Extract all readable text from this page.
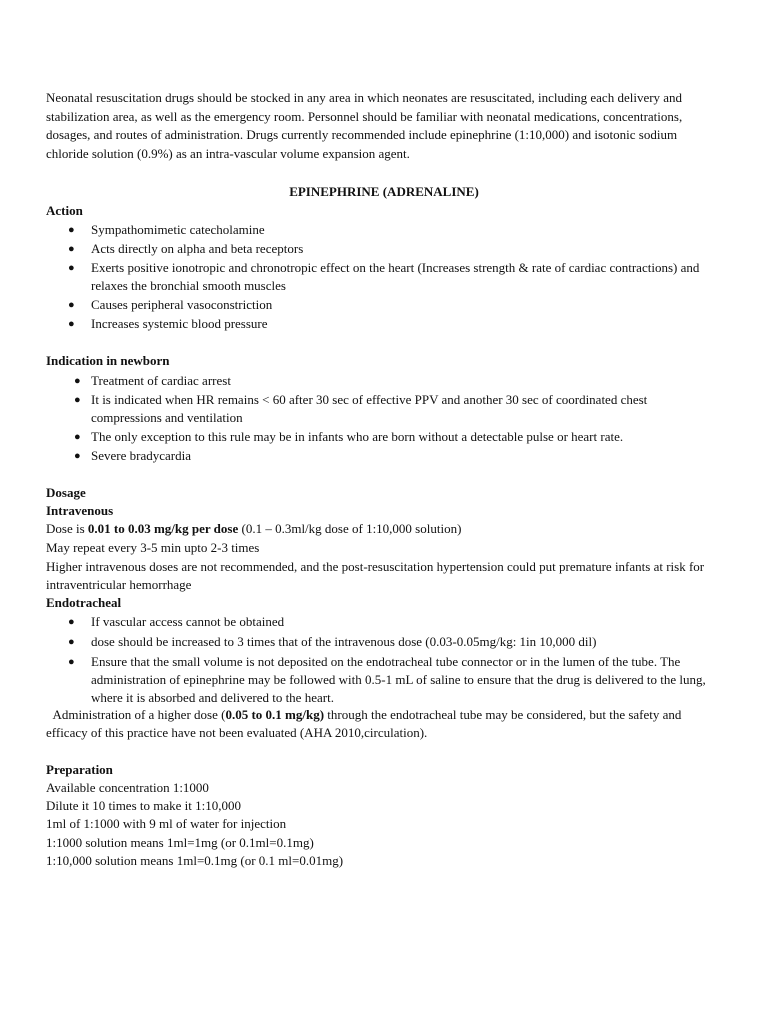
Neonatal resuscitation drugs should be stocked in any area in which neonates are resuscitated, including each delivery and stabilization area, as well as the emergency room. Personnel should be familiar with neonatal medications, concentrations, dosages, and routes of administration. Drugs currently recommended include epinephrine (1:10,000) and isotonic sodium chloride solution (0.9%) as an intra-vascular volume expansion agent.

EPINEPHRINE (ADRENALINE)
Action
● Sympathomimetic catecholamine
● Acts directly on alpha and beta receptors
● Exerts positive ionotropic and chronotropic effect on the heart (Increases strength & rate of cardiac contractions) and relaxes the bronchial smooth muscles
● Causes peripheral vasoconstriction
● Increases systemic blood pressure
Indication in newborn
● Treatment of cardiac arrest
● It is indicated when HR remains < 60 after 30 sec of effective PPV and another 30 sec of coordinated chest compressions and ventilation
● The only exception to this rule may be in infants who are born without a detectable pulse or heart rate.
● Severe bradycardia
Dosage
Intravenous
Dose is 0.01 to 0.03 mg/kg per dose (0.1 – 0.3ml/kg dose of 1:10,000 solution)
May repeat every 3-5 min upto 2-3 times

Higher intravenous doses are not recommended, and the post-resuscitation hypertension could put premature infants at risk for intraventricular hemorrhage

Endotracheal
● If vascular access cannot be obtained
● dose should be increased to 3 times that of the intravenous dose (0.03-0.05mg/kg: 1in 10,000 dil)
● Ensure that the small volume is not deposited on the endotracheal tube connector or in the lumen of the tube. The administration of epinephrine may be followed with 0.5-1 mL of saline to ensure that the drug is delivered to the lung, where it is absorbed and delivered to the heart.

Administration of a higher dose (0.05 to 0.1 mg/kg) through the endotracheal tube may be considered, but the safety and efficacy of this practice have not been evaluated (AHA 2010,circulation).

Preparation
Available concentration 1:1000
Dilute it 10 times to make it 1:10,000
1ml of 1:1000 with 9 ml of water for injection
1:1000 solution means 1ml=1mg (or 0.1ml=0.1mg)
1:10,000 solution means 1ml=0.1mg (or 0.1 ml=0.01mg)
